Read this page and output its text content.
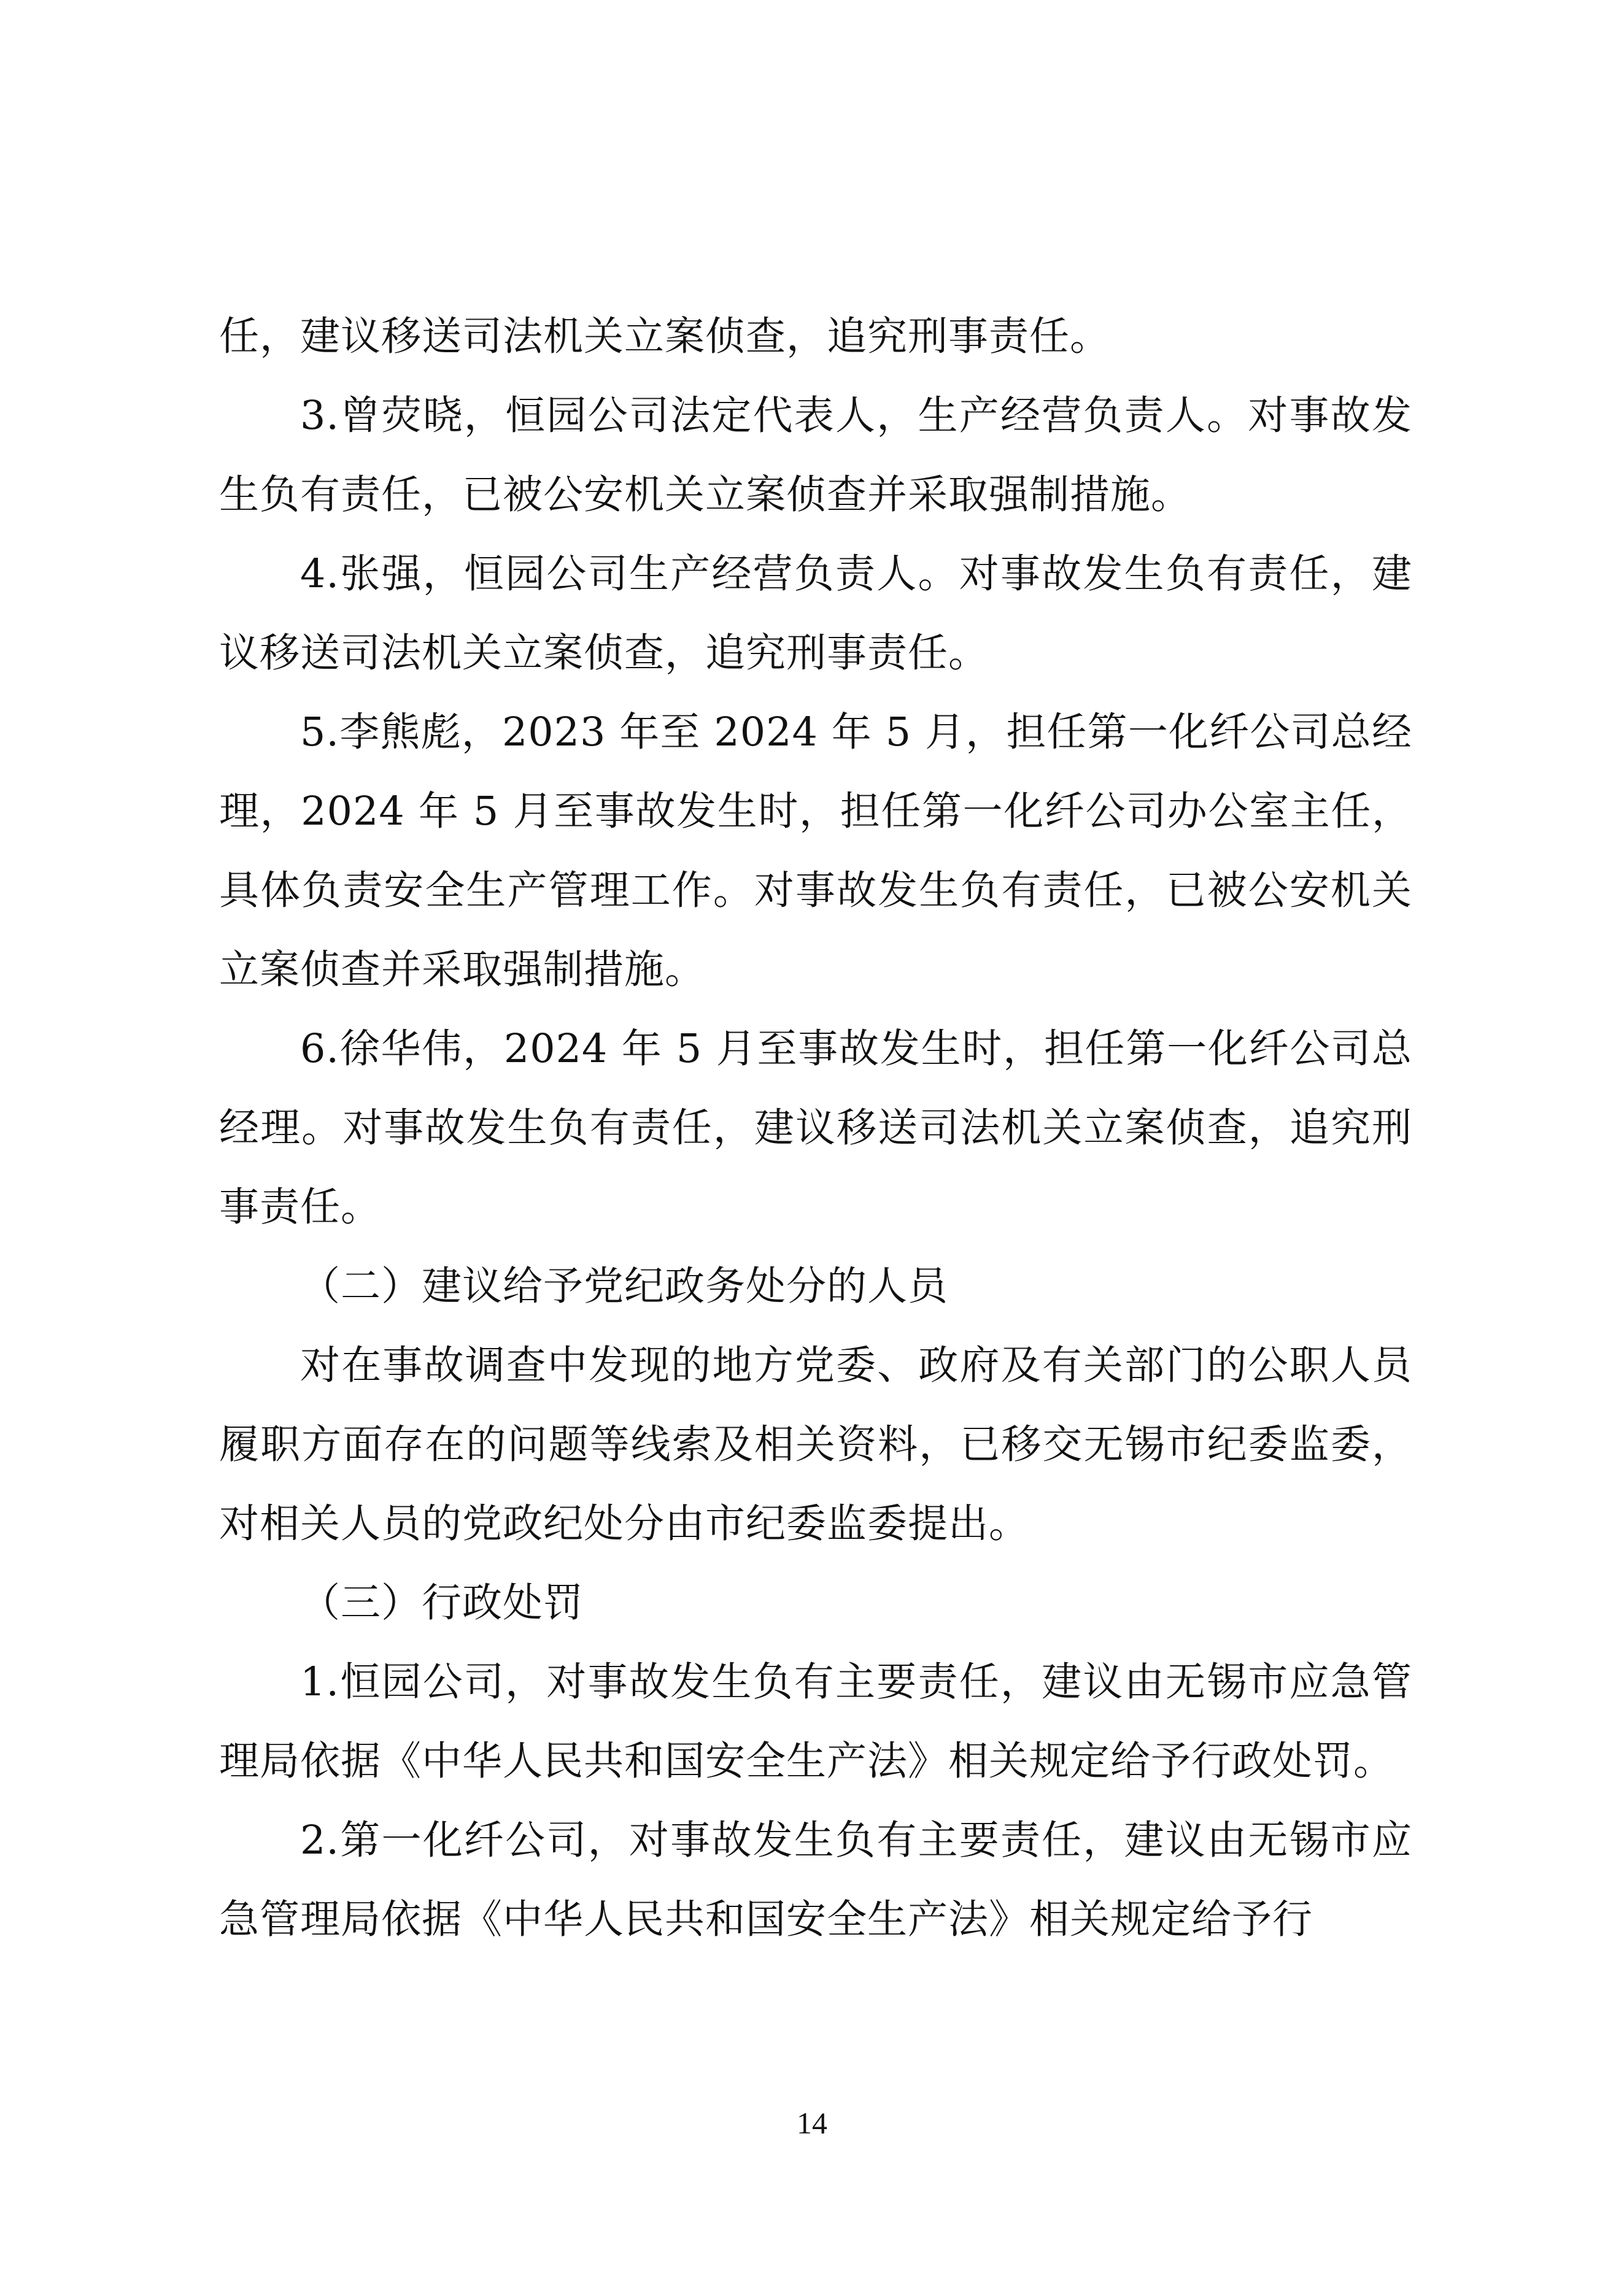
任，建议移送司法机关立案侦查，追究刑事责任。

3.曾荧晓，恒园公司法定代表人，生产经营负责人。对事故发生负有责任，已被公安机关立案侦查并采取强制措施。

4.张强，恒园公司生产经营负责人。对事故发生负有责任，建议移送司法机关立案侦查，追究刑事责任。

5.李熊彪，2023 年至 2024 年 5 月，担任第一化纤公司总经理，2024 年 5 月至事故发生时，担任第一化纤公司办公室主任，具体负责安全生产管理工作。对事故发生负有责任，已被公安机关立案侦查并采取强制措施。

6.徐华伟，2024 年 5 月至事故发生时，担任第一化纤公司总经理。对事故发生负有责任，建议移送司法机关立案侦查，追究刑事责任。

（二）建议给予党纪政务处分的人员

对在事故调查中发现的地方党委、政府及有关部门的公职人员履职方面存在的问题等线索及相关资料，已移交无锡市纪委监委，对相关人员的党政纪处分由市纪委监委提出。

（三）行政处罚

1.恒园公司，对事故发生负有主要责任，建议由无锡市应急管理局依据《中华人民共和国安全生产法》相关规定给予行政处罚。

2.第一化纤公司，对事故发生负有主要责任，建议由无锡市应急管理局依据《中华人民共和国安全生产法》相关规定给予行

14
